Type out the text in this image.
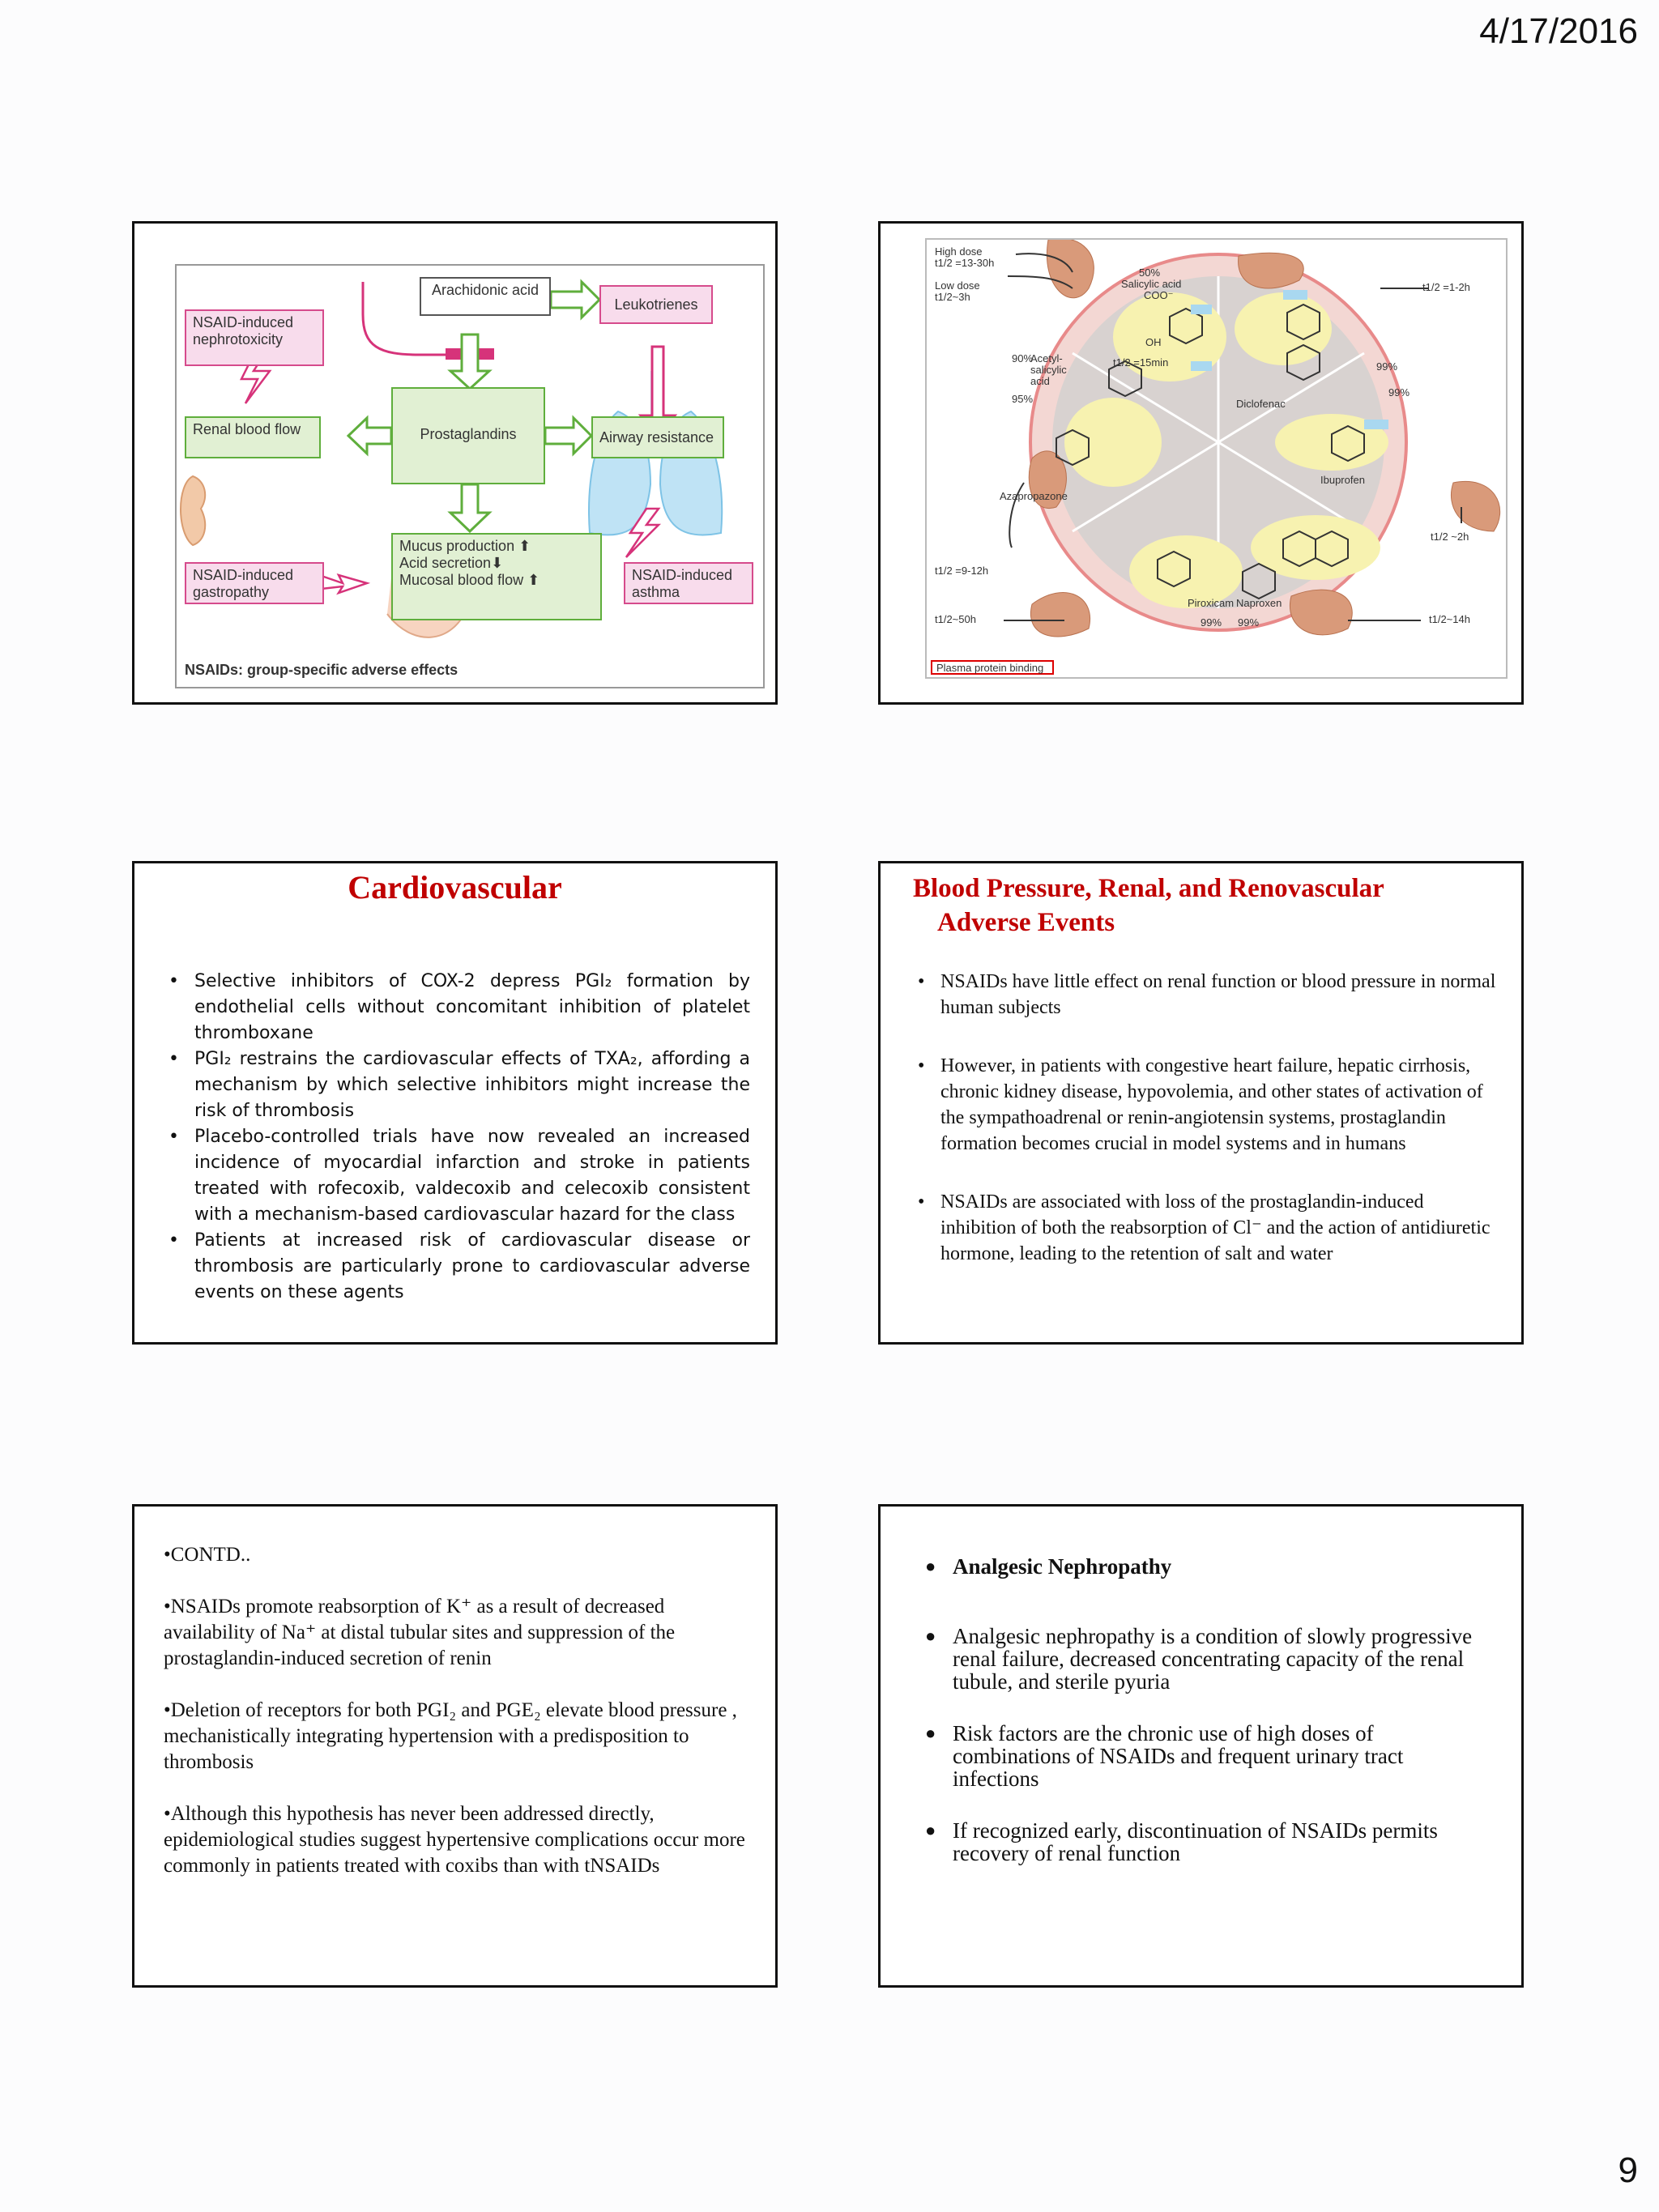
4/17/2016
Arachidonic acid
Leukotrienes
NSAID-induced nephrotoxicity
Renal blood flow	Prostaglandins	Airway resistance
NSAID-induced gastropathy
Mucus production ⬆
Acid secretion⬇
Mucosal blood flow ⬆	NSAID-induced asthma
NSAIDs: group-specific adverse effects
High dose
t1/2 =13-30h
Low dose
t1/2~3h
50%
Salicylic acid
COO⁻
OH
90%
Acetyl-salicylic acid
t1/2 =15min
95%	Diclofenac
t1/2 =1-2h
99%
99%
Ibuprofen
t1/2 ~2h
Azapropazone
t1/2 =9-12h
Piroxicam Naproxen
t1/2~50h	t1/2~14h
99% 99%
Plasma protein binding
Cardiovascular
• Selective inhibitors of COX-2 depress PGI₂ formation by endothelial cells without concomitant inhibition of platelet thromboxane
• PGI₂ restrains the cardiovascular effects of TXA₂, affording a mechanism by which selective inhibitors might increase the risk of thrombosis
• Placebo-controlled trials have now revealed an increased incidence of myocardial infarction and stroke in patients treated with rofecoxib, valdecoxib and celecoxib consistent with a mechanism-based cardiovascular hazard for the class
• Patients at increased risk of cardiovascular disease or thrombosis are particularly prone to cardiovascular adverse events on these agents
Blood Pressure, Renal, and Renovascular
Adverse Events
• NSAIDs have little effect on renal function or blood pressure in normal human subjects
• However, in patients with congestive heart failure, hepatic cirrhosis, chronic kidney disease, hypovolemia, and other states of activation of the sympathoadrenal or renin-angiotensin systems, prostaglandin formation becomes crucial in model systems and in humans
• NSAIDs are associated with loss of the prostaglandin-induced inhibition of both the reabsorption of Cl⁻ and the action of antidiuretic hormone, leading to the retention of salt and water

•CONTD..

•NSAIDs promote reabsorption of K⁺ as a result of decreased availability of Na⁺ at distal tubular sites and suppression of the prostaglandin-induced secretion of renin

•Deletion of receptors for both PGI₂ and PGE₂ elevate blood pressure , mechanistically integrating hypertension with a predisposition to thrombosis

•Although this hypothesis has never been addressed directly, epidemiological studies suggest hypertensive complications occur more commonly in patients treated with coxibs than with tNSAIDs

● Analgesic Nephropathy
● Analgesic nephropathy is a condition of slowly progressive renal failure, decreased concentrating capacity of the renal tubule, and sterile pyuria
● Risk factors are the chronic use of high doses of combinations of NSAIDs and frequent urinary tract infections
● If recognized early, discontinuation of NSAIDs permits recovery of renal function
9
